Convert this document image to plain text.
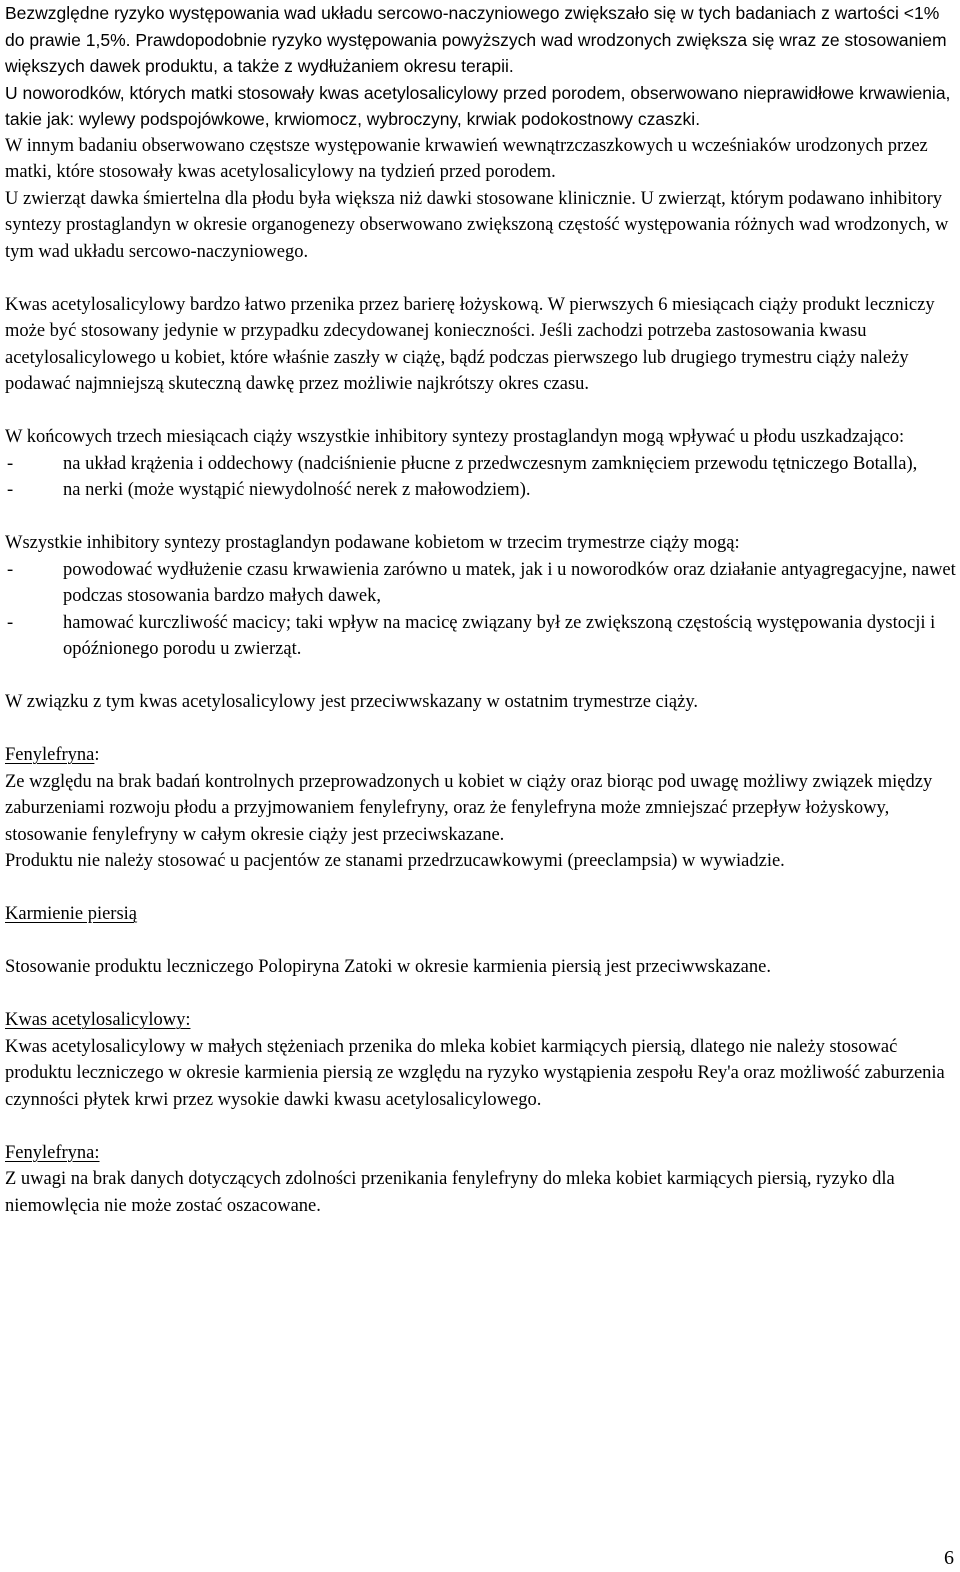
Bezwzględne ryzyko występowania wad układu sercowo-naczyniowego zwiększało się w tych badaniach z wartości <1% do prawie 1,5%. Prawdopodobnie ryzyko występowania powyższych wad wrodzonych zwiększa się wraz ze stosowaniem większych dawek produktu, a także z wydłużaniem okresu terapii.

U noworodków, których matki stosowały kwas acetylosalicylowy przed porodem, obserwowano nieprawidłowe krwawienia, takie jak: wylewy podspojówkowe, krwiomocz, wybroczyny, krwiak podokostnowy czaszki.

W innym badaniu obserwowano częstsze występowanie krwawień wewnątrzczaszkowych u wcześniaków urodzonych przez matki, które stosowały kwas acetylosalicylowy na tydzień przed porodem.

U zwierząt dawka śmiertelna dla płodu była większa niż dawki stosowane klinicznie. U zwierząt, którym podawano inhibitory syntezy prostaglandyn w okresie organogenezy obserwowano zwiększoną częstość występowania różnych wad wrodzonych, w tym wad układu sercowo-naczyniowego.

Kwas acetylosalicylowy bardzo łatwo przenika przez barierę łożyskową. W pierwszych 6 miesiącach ciąży produkt leczniczy może być stosowany jedynie w przypadku zdecydowanej konieczności. Jeśli zachodzi potrzeba zastosowania kwasu acetylosalicylowego u kobiet, które właśnie zaszły w ciążę, bądź podczas pierwszego lub drugiego trymestru ciąży należy podawać najmniejszą skuteczną dawkę przez możliwie najkrótszy okres czasu.

W końcowych trzech miesiącach ciąży wszystkie inhibitory syntezy prostaglandyn mogą wpływać u płodu uszkadzająco:

-	na układ krążenia i oddechowy (nadciśnienie płucne z przedwczesnym zamknięciem przewodu tętniczego Botalla),
-	na nerki (może wystąpić niewydolność nerek z małowodziem).

Wszystkie inhibitory syntezy prostaglandyn podawane kobietom w trzecim trymestrze ciąży mogą:

-	powodować wydłużenie czasu krwawienia zarówno u matek, jak i u noworodków oraz działanie antyagregacyjne, nawet podczas stosowania bardzo małych dawek,
-	hamować kurczliwość macicy; taki wpływ na macicę związany był ze zwiększoną częstością występowania dystocji i opóźnionego porodu u zwierząt.

W związku z tym kwas acetylosalicylowy jest przeciwwskazany w ostatnim trymestrze ciąży.

Fenylefryna:

Ze względu na brak badań kontrolnych przeprowadzonych u kobiet w ciąży oraz biorąc pod uwagę możliwy związek między zaburzeniami rozwoju płodu a przyjmowaniem fenylefryny, oraz że fenylefryna może zmniejszać przepływ łożyskowy, stosowanie fenylefryny w całym okresie ciąży jest przeciwskazane.

Produktu nie należy stosować u pacjentów ze stanami przedrzucawkowymi (preeclampsia) w wywiadzie.

Karmienie piersią

Stosowanie produktu leczniczego Polopiryna Zatoki w okresie karmienia piersią jest przeciwwskazane.

Kwas acetylosalicylowy:

Kwas acetylosalicylowy w małych stężeniach przenika do mleka kobiet karmiących piersią, dlatego nie należy stosować produktu leczniczego w okresie karmienia piersią ze względu na ryzyko wystąpienia zespołu Rey'a oraz możliwość zaburzenia czynności płytek krwi przez wysokie dawki kwasu acetylosalicylowego.

Fenylefryna:

Z uwagi na brak danych dotyczących zdolności przenikania fenylefryny do mleka kobiet karmiących piersią, ryzyko dla niemowlęcia nie może zostać oszacowane.

6
